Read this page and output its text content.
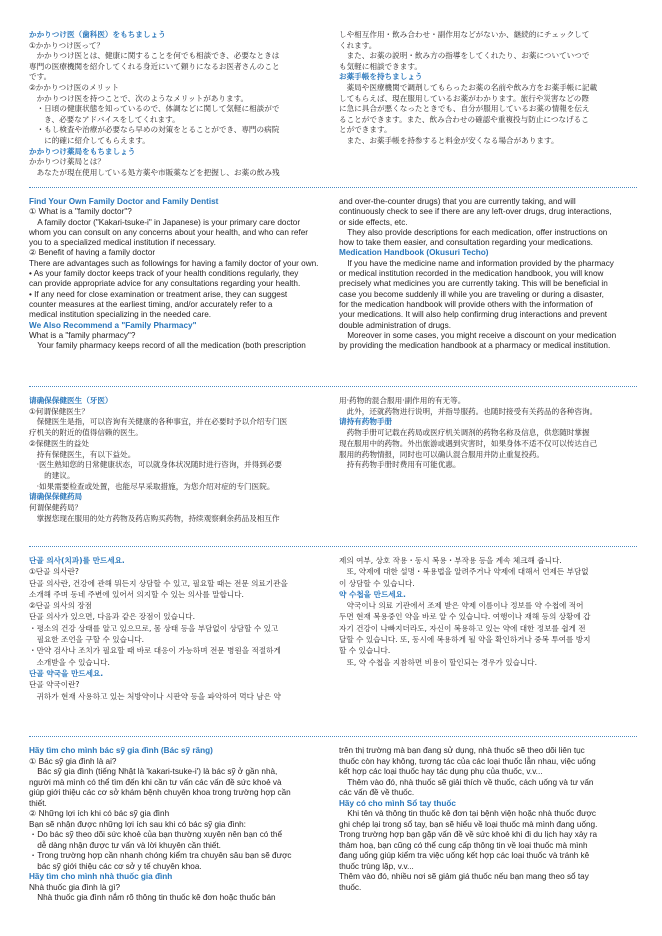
かかりつけ医（歯科医）をもちましょう

①かかりつけ医って？
　かかりつけ医とは、健康に関することを何でも相談でき、必要なときは
専門の医療機関を紹介してくれる身近にいて頼りになるお医者さんのこと
です。
②かかりつけ医のメリット
　かかりつけ医を持つことで、次のようなメリットがあります。
　・日頃の健康状態を知っているので、体調などに関して気軽に相談がで
　　き、必要なアドバイスをしてくれます。
　・もし検査や治療が必要なら早めの対策をとることができ、専門の病院
　　に的確に紹介してもらえます。

かかりつけ薬局をもちましょう

かかりつけ薬局とは？
　あなたが現在使用している処方薬や市販薬などを把握し、お薬の飲み残

しや相互作用・飲み合わせ・副作用などがないか、継続的にチェックして
くれます。
　また、お薬の説明・飲み方の指導をしてくれたり、お薬についていつで
も気軽に相談できます。

お薬手帳を持ちましょう

　薬局や医療機関で調剤してもらったお薬の名前や飲み方をお薬手帳に記載
してもらえば、現在服用しているお薬がわかります。旅行や災害などの際
に急に具合が悪くなったときでも、自分が服用しているお薬の情報を伝え
ることができます。また、飲み合わせの確認や重複投与防止につなげるこ
とができます。
　また、お薬手帳を持参すると料金が安くなる場合があります。

Find Your Own Family Doctor and Family Dentist

① What is a "family doctor"?
　A family doctor ("Kakari-tsuke-i" in Japanese) is your primary care doctor
whom you can consult on any concerns about your health, and who can refer
you to a specialized medical institution if necessary.
② Benefit of having a family doctor
There are advantages such as followings for having a family doctor of your own.
• As your family doctor keeps track of your health conditions regularly, they
can provide appropriate advice for any consultations regarding your health.
• If any need for close examination or treatment arise, they can suggest
counter measures at the earliest timing, and/or accurately refer to a
medical institution specializing in the needed care.

We Also Recommend a "Family Pharmacy"

What is a "family pharmacy"?
　Your family pharmacy keeps record of all the medication (both prescription

and over-the-counter drugs) that you are currently taking, and will
continuously check to see if there are any left-over drugs, drug interactions,
or side effects, etc.
　They also provide descriptions for each medication, offer instructions on
how to take them easier, and consultation regarding your medications.

Medication Handbook (Okusuri Techo)

　If you have the medicine name and information provided by the pharmacy
or medical institution recorded in the medication handbook, you will know
precisely what medicines you are currently taking. This will be beneficial in
case you become suddenly ill while you are traveling or during a disaster,
for the medication handbook will provide others with the information of
your medications. It will also help confirming drug interactions and prevent
double administration of drugs.
　Moreover in some cases, you might receive a discount on your medication
by providing the medication handbook at a pharmacy or medical institution.

请确保保健医生（牙医）

①何谓保健医生？
　保健医生是指，可以咨询有关健康的各种事宜，并在必要时予以介绍专门医
疗机关的附近的值得信赖的医生。
②保健医生的益处
　持有保健医生，有以下益处。
　·医生熟知您的日常健康状态，可以就身体状况随时进行咨询，并得到必要
　　的建议。
　·如果需要检查或处置，也能尽早采取措施，为您介绍对症的专门医院。

请确保保健药局

何谓保健药局？
　掌握您现在服用的处方药物及药店购买药物，持续观察剩余药品及相互作

用·药物的混合服用·副作用的有无等。
　此外，还就药物进行说明，并指导服药。也随时接受有关药品的各种咨询。

请持有药物手册

　药物手册可记载在药局或医疗机关调剂的药物名称及信息，供您随时掌握
现在服用中的药物。外出旅游或遇到灾害时，如果身体不适不仅可以传达自己
服用的药物情报，同时也可以确认混合服用并防止重复投药。
　持有药物手册时费用有可能优惠。

단골 의사(치과)를 만드세요.

①단골 의사란?
단골 의사란, 건강에 관해 뭐든지 상담할 수 있고, 필요할 때는 전문 의료기관을
소개해 주며 동네 주변에 있어서 의지할 수 있는 의사를 말합니다.
②단골 의사의 장점
단골 의사가 있으면, 다음과 같은 장점이 있습니다.
・평소의 건강 상태를 알고 있으므로, 몸 상태 등을 부담없이 상담할 수 있고
　필요한 조언을 구할 수 있습니다.
・만약 검사나 조치가 필요할 때 바로 대응이 가능하며 전문 병원을 적절하게
　소개받을 수 있습니다.

단골 약국을 만드세요.

단골 약국이란?
　귀하가 현재 사용하고 있는 처방약이나 시판약 등을 파악하여 먹다 남은 약

제의 여부, 상호 작용・동시 복용・부작용 등을 계속 체크해 줍니다.
　또, 약제에 대한 설명・복용법을 알려주거나 약제에 대해서 언제든 부담없
이 상담할 수 있습니다.

약 수첩을 만드세요.

　약국이나 의료 기관에서 조제 받은 약제 이름이나 정보를 약 수첩에 적어
두면 현재 복용중인 약을 바로 알 수 있습니다. 여행이나 재해 등의 상황에 갑
자기 건강이 나빠지더라도, 자신이 복용하고 있는 약에 대한 정보를 쉽게 전
달할 수 있습니다. 또, 동시에 복용하게 될 약을 확인하거나 중복 투여를 방지
할 수 있습니다.
　또, 약 수첩을 지참하면 비용이 할인되는 경우가 있습니다.

Hãy tìm cho mình bác sỹ gia đình (Bác sỹ răng)

① Bác sỹ gia đình là ai?
　Bác sỹ gia đình (tiếng Nhật là 'kakari-tsuke-i') là bác sỹ ở gần nhà,
người mà mình có thể tìm đến khi cần tư vấn các vấn đề sức khoẻ và
giúp giới thiệu các cơ sở khám bệnh chuyên khoa trong trường hợp cần
thiết.
② Những lợi ích khi có bác sỹ gia đình
Bạn sẽ nhận được những lợi ích sau khi có bác sỹ gia đình:
・Do bác sỹ theo dõi sức khoẻ của bạn thường xuyên nên bạn có thể
　dễ dàng nhận được tư vấn và lời khuyên cần thiết.
・Trong trường hợp cần nhanh chóng kiểm tra chuyên sâu bạn sẽ được
　bác sỹ giới thiệu các cơ sở y tế chuyên khoa.

Hãy tìm cho mình nhà thuốc gia đình

Nhà thuốc gia đình là gì?
　Nhà thuốc gia đình nắm rõ thông tin thuốc kê đơn hoặc thuốc bán

trên thị trường mà bạn đang sử dụng, nhà thuốc sẽ theo dõi liên tục
thuốc còn hay không, tương tác của các loại thuốc lẫn nhau, việc uống
kết hợp các loại thuốc hay tác dụng phụ của thuốc, v.v...
　Thêm vào đó, nhà thuốc sẽ giải thích về thuốc, cách uống và tư vấn
các vấn đề về thuốc.

Hãy có cho mình Sổ tay thuốc

　Khi tên và thông tin thuốc kê đơn tại bệnh viện hoặc nhà thuốc được
ghi chép lại trong sổ tay, bạn sẽ hiểu về loại thuốc mà mình đang uống.
Trong trường hợp bạn gặp vấn đề về sức khoẻ khi đi du lịch hay xảy ra
thảm hoạ, bạn cũng có thể cung cấp thông tin về loại thuốc mà mình
đang uống giúp kiểm tra việc uống kết hợp các loại thuốc và tránh kê
thuốc trùng lặp, v.v...
Thêm vào đó, nhiều nơi sẽ giảm giá thuốc nếu bạn mang theo sổ tay
thuốc.
